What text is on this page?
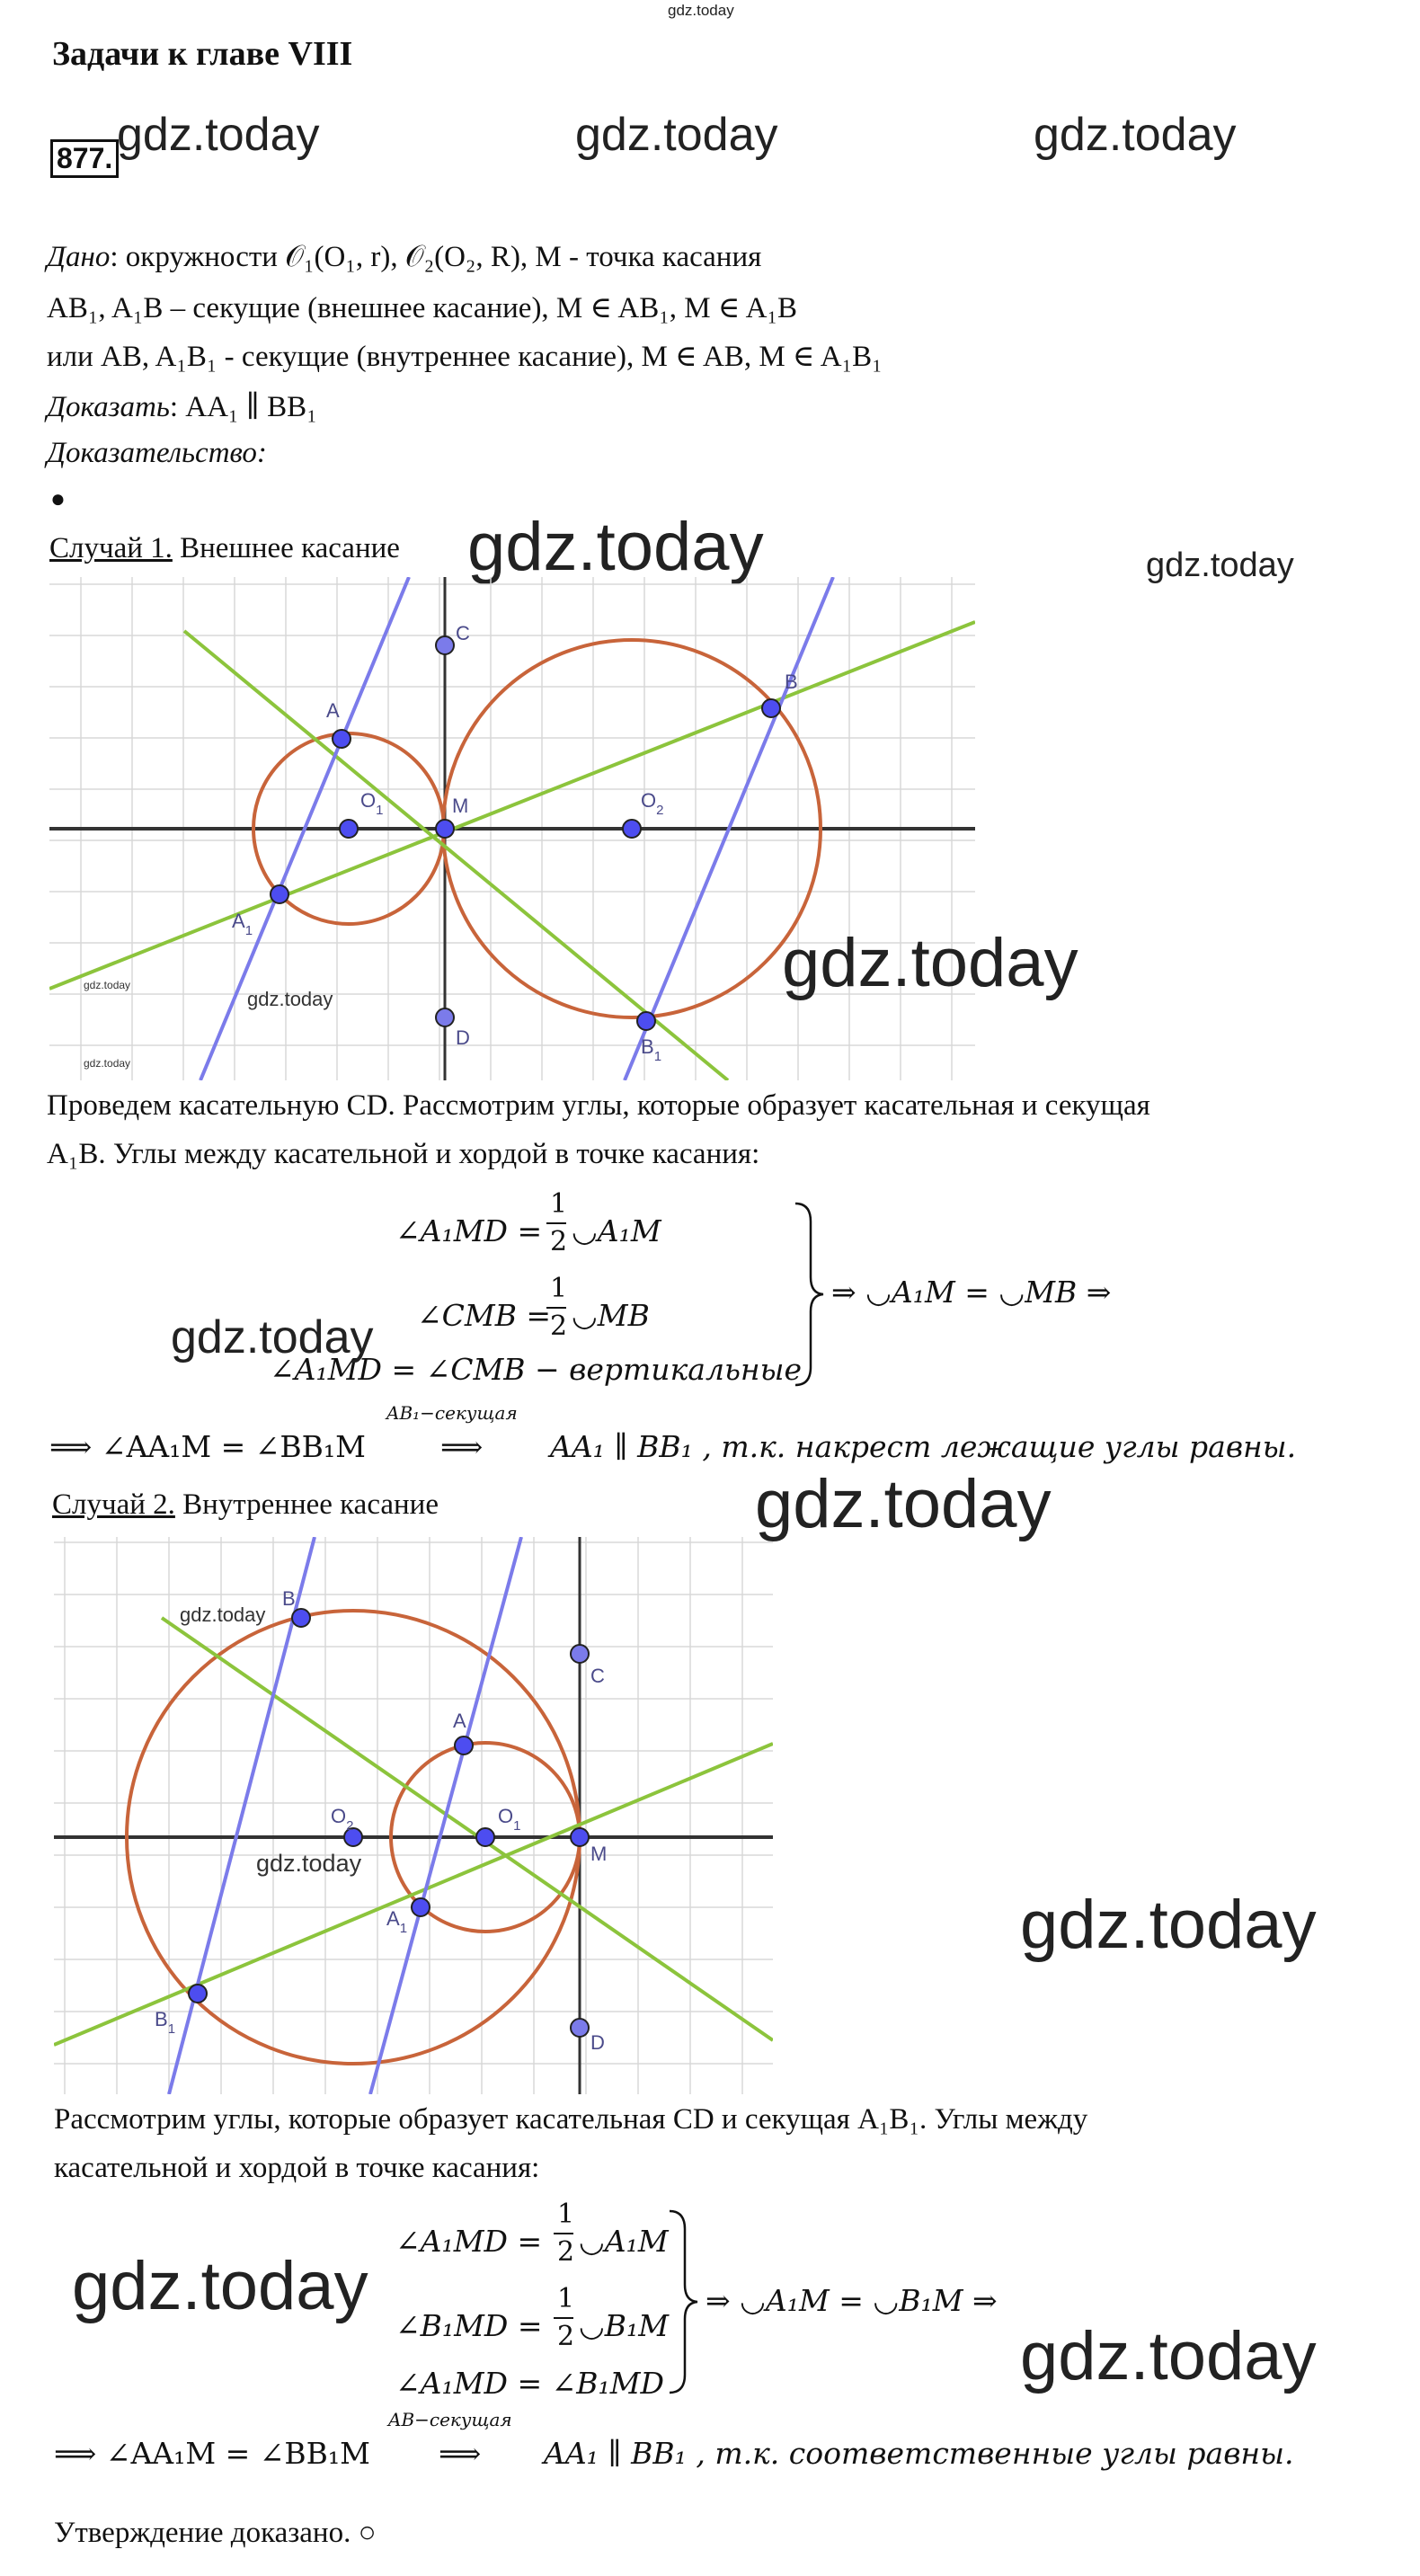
gdz.today
Задачи к главе VIII
877. gdz.today	gdz.today	gdz.today
Дано: окружности 𝒪₁(O₁, r), 𝒪₂(O₂, R), M - точка касания
AB₁, A₁B – секущие (внешнее касание), M ∈ AB₁, M ∈ A₁B
или AB, A₁B₁ - секущие (внутреннее касание), M ∈ AB, M ∈ A₁B₁
Доказать: AA₁ ∥ BB₁
Доказательство:
●
Случай 1. Внешнее касание gdz.today	gdz.today
A
$A_1$
B
$B_1$
C
D
M
$O_1$	$O_2$
gdz.today
gdz.today
gdz.today
gdz.today
Проведем касательную CD. Рассмотрим углы, которые образует касательная и секущая
A₁B. Углы между касательной и хордой в точке касания:
∠A₁MD =
1
2 ◡A₁M
∠CMB =
1
2 ◡MB
∠A₁MD = ∠CMB − вертикальные
⇒ ◡A₁M = ◡MB ⇒
gdz.today
⟹ ∠AA₁M = ∠BB₁M
AB₁−секущая
⟹ AA₁ ∥ BB₁ , т.к. накрест лежащие углы равны.
Случай 2. Внутреннее касание	gdz.today
B
$B_1$
A
$A_1$
C
D
M
$O_1$
$O_2$
gdz.today
gdz.today
gdz.today
Рассмотрим углы, которые образует касательная CD и секущая A₁B₁. Углы между
касательной и хордой в точке касания:
∠A₁MD =
1
2 ◡A₁M
∠B₁MD =
1
2 ◡B₁M
∠A₁MD = ∠B₁MD
⇒ ◡A₁M = ◡B₁M ⇒
gdz.today
gdz.today
⟹ ∠AA₁M = ∠BB₁M
AB−секущая
⟹ AA₁ ∥ BB₁ , т.к. соответственные углы равны.
Утверждение доказано. ○
